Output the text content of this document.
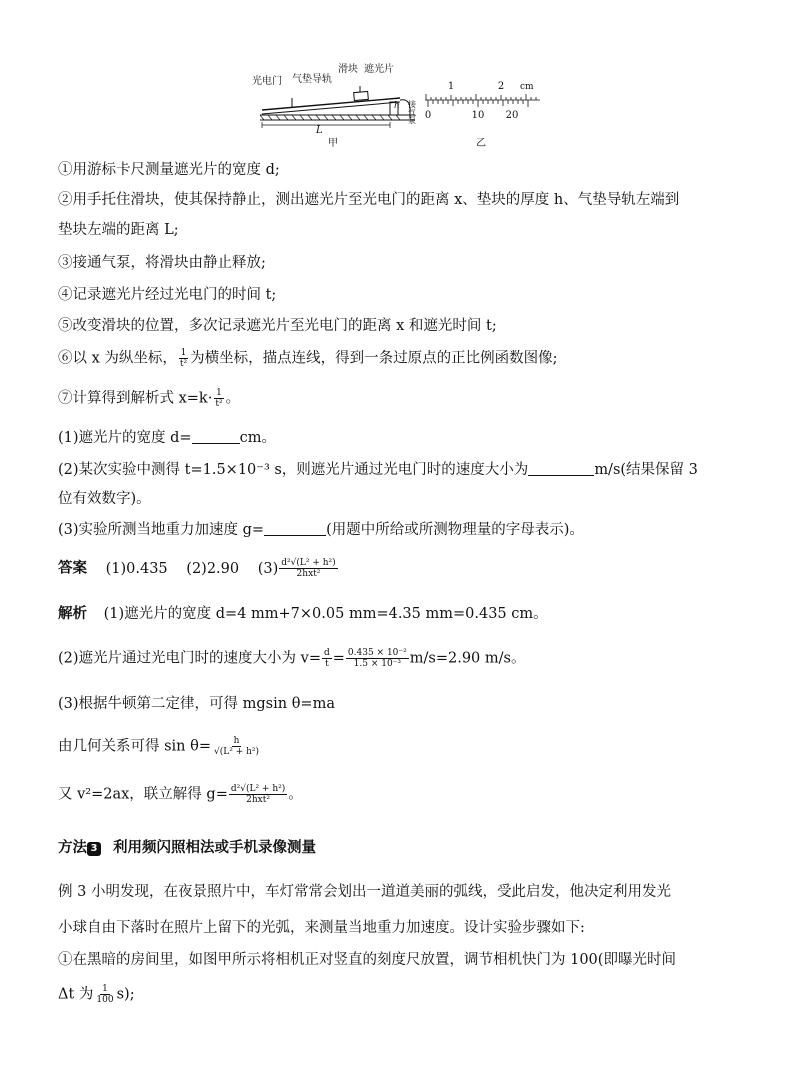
光电门 气垫导轨
滑块 遮光片
h
L
接气泵
甲
1	2 cm
0	10 20
乙
①用游标卡尺测量遮光片的宽度 d;
②用手托住滑块，使其保持静止，测出遮光片至光电门的距离 x、垫块的厚度 h、气垫导轨左端到
垫块左端的距离 L;
③接通气泵，将滑块由静止释放;
④记录遮光片经过光电门的时间 t;
⑤改变滑块的位置，多次记录遮光片至光电门的距离 x 和遮光时间 t;
⑥以 x 为纵坐标， $\frac{1}{\text{t²}}$ 为横坐标，描点连线，得到一条过原点的正比例函数图像;
⑦计算得到解析式 $x=k\cdot \frac{1}{\text{t²}}$ 。
(1)遮光片的宽度 d=	cm。
(2)某次实验中测得 t=1.5×10⁻³ s，则遮光片通过光电门时的速度大小为	m/s(结果保留 3
位有效数字)。
(3)实验所测当地重力加速度 g=	(用题中所给或所测物理量的字母表示)。
答案 (1)0.435 (2)2.90 $(3) \frac{\text{d²√(L² + h²)}}{\text{2hxt²}}$
解析 (1)遮光片的宽度 d=4 mm+7×0.05 mm=4.35 mm=0.435 cm。
(2)遮光片通过光电门时的速度大小为 $v= \frac{d}{t} = \frac{\text{0.435 × 10⁻²}}{\text{1.5 × 10⁻³}} m/s=2.90$ m/s。
(3)根据牛顿第二定律，可得 mgsin θ=ma
由几何关系可得 $\sin \theta= \frac{h}{\text{√(L² + h²)}}$
又 v²=2ax，联立解得 $g= \frac{\text{d²√(L² + h²)}}{\text{2hxt²}}$ 。
方法 3 利用频闪照相法或手机录像测量
例 3 小明发现，在夜景照片中，车灯常常会划出一道道美丽的弧线，受此启发，他决定利用发光
小球自由下落时在照片上留下的光弧，来测量当地重力加速度。设计实验步骤如下:
①在黑暗的房间里，如图甲所示将相机正对竖直的刻度尺放置，调节相机快门为 100(即曝光时间
Δt 为 $\frac{1}{100} s$);
